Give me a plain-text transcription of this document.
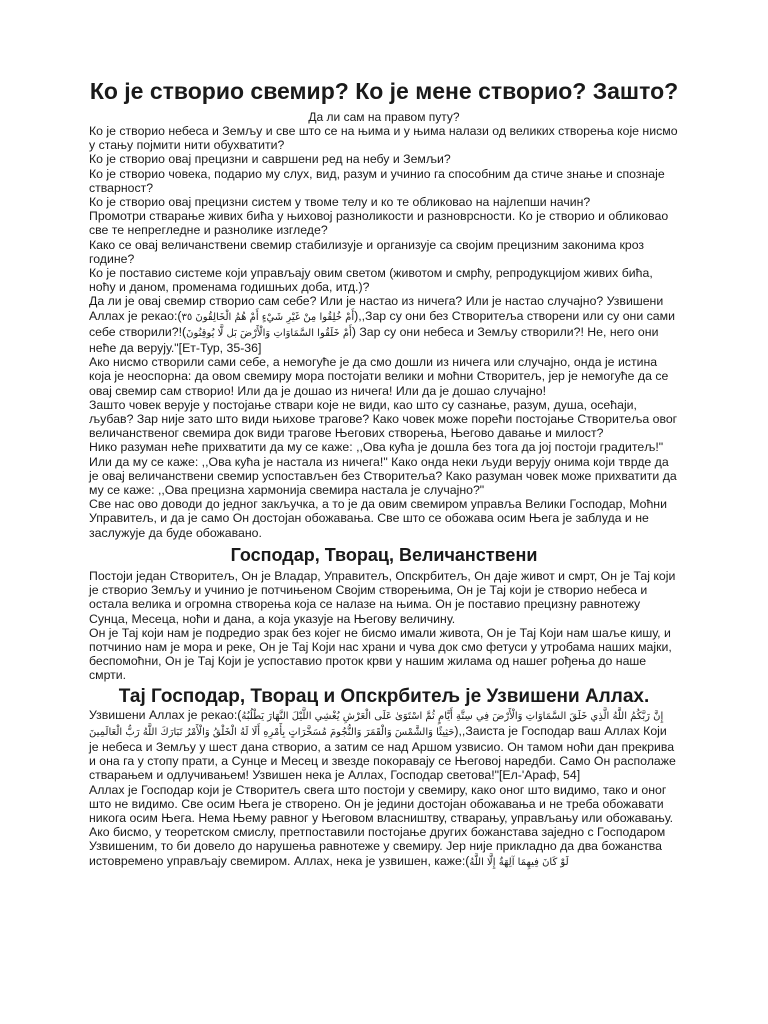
Ко је створио свемир? Ко је мене створио? Зашто?
Да ли сам на правом путу?

Ко је створио небеса и Земљу и све што се на њима и у њима налази од великих створења које нисмо у стању појмити нити обухватити?

Ко је створио овај прецизни и савршени ред на небу и Земљи?

Ко је створио човека, подарио му слух, вид, разум и учинио га способним да стиче знање и спознаје стварност?

Ко је створио овај прецизни систем у твоме телу и ко те обликовао на најлепши начин?

Промотри стварање живих бића у њиховој разноликости и разноврсности. Ко је створио и обликовао све те непрегледне и разнолике изгледе?

Какo се овај величанствени свемир стабилизује и организује са својим прецизним законима кроз године?

Ко је поставио системе који управљају овим светом (животом и смрћу, репродукцијом живих бића, ноћу и даном, променама годишњих доба, итд.)?

Да ли је овај свемир створио сам себе? Или је настао из ничега? Или је настао случајно? Узвишени Аллах је рекао:(أَمْ خُلِقُوا مِنْ غَيْرِ شَيْءٍ أَمْ هُمُ الْخَالِقُونَ ٣٥),,Зар су они без Створитеља створени или су они сами себе створили?!(أَمْ خَلَقُوا السَّمَاوَاتِ وَالْأَرْضَ بَل لَّا يُوقِنُونَ) Зар су они небеса и Земљу створили?! Не, него они неће да верују."[Ет-Тур, 35-36]

Ако нисмо створили сами себе, а немогуће је да смо дошли из ничега или случајно, онда је истина која је неоспорна: да овом свемиру мора постојати велики и моћни Створитељ, јер је немогуће да се овај свемир сам створио! Или да је дошао из ничега! Или да је дошао случајно!

Зашто човек верује у постојање ствари које не види, као што су сазнање, разум, душа, осећаји, љубав? Зар није зато што види њихове трагове? Како човек може порећи постојање Створитеља овог величанственог свемира док види трагове Његових створења, Његово давање и милост?

Нико разуман неће прихватити да му се каже: ,,Ова кућа је дошла без тога да јој постоји градитељ!" Или да му се каже: ,,Ова кућа је настала из ничега!" Како онда неки људи верују онима који тврде да је овај величанствени свемир успостављен без Створитеља? Како разуман човек може прихватити да му се каже: ,,Ова прецизна хармонија свемира настала је случајно?"

Све нас ово доводи до једног закључка, а то је да овим свемиром управља Велики Господар, Моћни Управитељ, и да је само Он достојан обожавања. Све што се обожава осим Њега је заблуда и не заслужује да буде обожавано.

Господар, Творац, Величанствени

Постоји један Створитељ, Он је Владар, Управитељ, Опскрбитељ, Он даје живот и смрт, Он је Тај који је створио Земљу и учинио је потчињеном Својим створењима, Он је Тај који је створио небеса и остала велика и огромна створења која се налазе на њима. Он је поставио прецизну равнотежу Сунца, Месеца, ноћи и дана, а која указује на Његову величину.

Он је Тај који нам је подредио зрак без којег не бисмо имали живота, Он је Тај Који нам шаље кишу, и потчинио нам је мора и реке, Он је Тај Који нас храни и чува док смо фетуси у утробама наших мајки, беспомоћни, Он је Тај Који је успоставио проток крви у нашим жилама од нашег рођења до наше смрти.

Тај Господар, Творац и Опскрбитељ је Узвишени Аллах.

Узвишени Аллах је рекао:(إِنَّ رَبَّكُمُ اللَّهُ الَّذِي خَلَقَ السَّمَاوَاتِ وَالْأَرْضَ فِي سِتَّةِ أَيَّامٍ ثُمَّ اسْتَوَىٰ عَلَى الْعَرْشِ يُغْشِي اللَّيْلَ النَّهَارَ يَطْلُبُهُ حَثِيثًا وَالشَّمْسَ وَالْقَمَرَ وَالنُّجُومَ مُسَخَّرَاتٍ بِأَمْرِهِ أَلَا لَهُ الْخَلْقُ وَالْأَمْرُ تَبَارَكَ اللَّهُ رَبُّ الْعَالَمِينَ),,Заиста је Господар ваш Аллах Који је небеса и Земљу у шест дана створио, а затим се над Аршом узвисио. Он тамом ноћи дан прекрива и она га у стопу прати, а Сунце и Месец и звезде покоравају се Његовој наредби. Само Он располаже стварањем и одлучивањем! Узвишен нека је Аллах, Господар светова!"[Ел-'Араф, 54]

Аллах је Господар који је Створитељ свега што постоји у свемиру, како оног што видимо, тако и оног што не видимо. Све осим Њега је створено. Он је једини достојан обожавања и не треба обожавати никога осим Њега. Нема Њему равног у Његовом власништву, стварању, управљању или обожавању.

Ако бисмо, у теоретском смислу, претпоставили постојање других божанстава заједно с Господаром Узвишеним, то би довело до нарушења равнотеже у свемиру. Јер није прикладно да два божанства истовремено управљају свемиром. Аллах, нека је узвишен, каже:(لَوْ كَانَ فِيهِمَا آلِهَةٌ إِلَّا اللَّهُ
